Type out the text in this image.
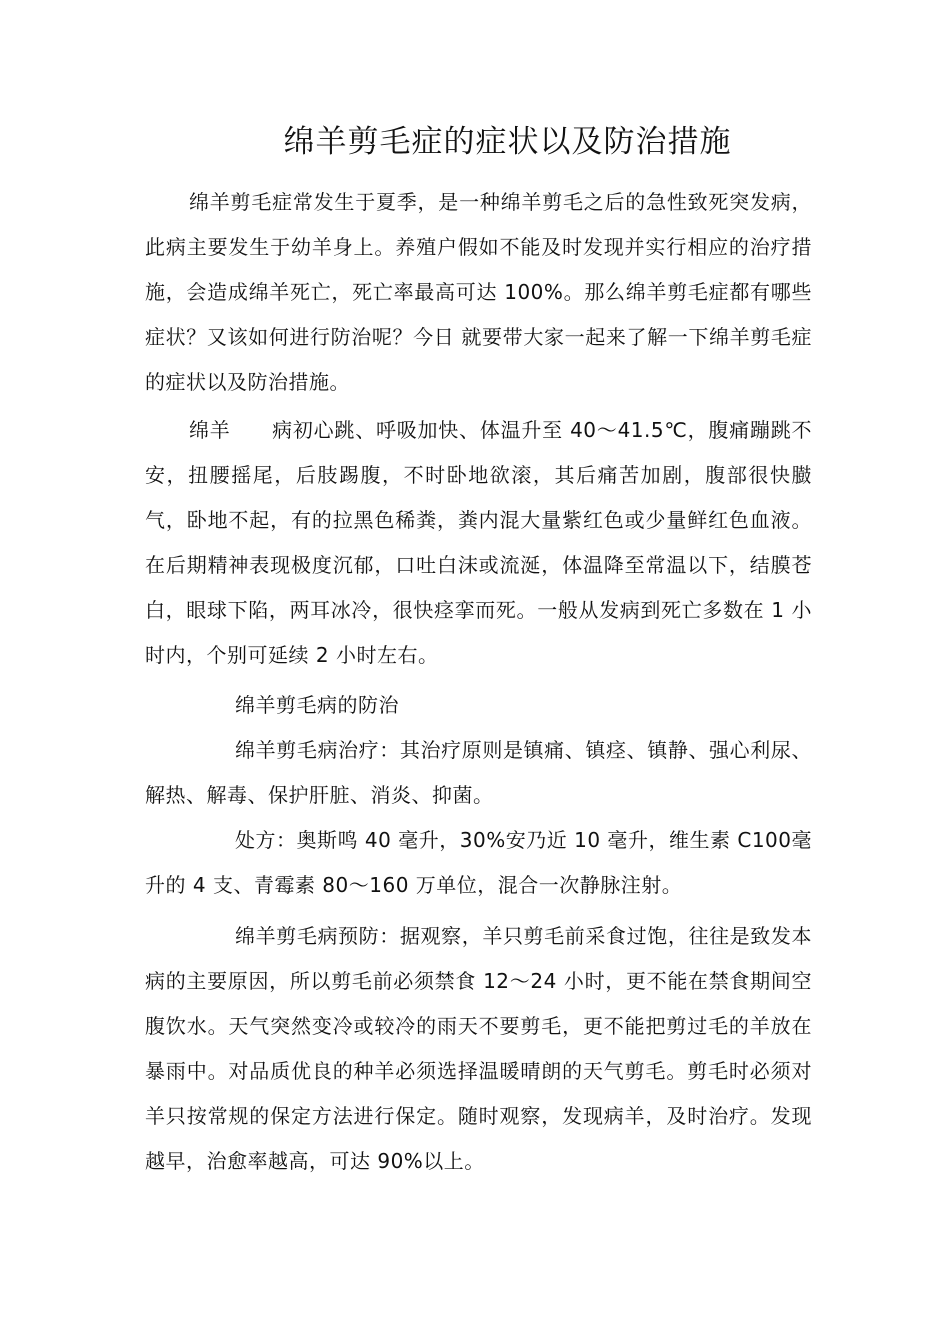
绵羊剪毛症的症状以及防治措施

绵羊剪毛症常发生于夏季，是一种绵羊剪毛之后的急性致死突发病，此病主要发生于幼羊身上。养殖户假如不能及时发现并实行相应的治疗措施，会造成绵羊死亡，死亡率最高可达 100%。那么绵羊剪毛症都有哪些症状？又该如何进行防治呢？今日 就要带大家一起来了解一下绵羊剪毛症的症状以及防治措施。

绵羊　　病初心跳、呼吸加快、体温升至 40～41.5℃，腹痛蹦跳不安，扭腰摇尾，后肢踢腹，不时卧地欲滚，其后痛苦加剧，腹部很快臌气，卧地不起，有的拉黑色稀粪，粪内混大量紫红色或少量鲜红色血液。在后期精神表现极度沉郁，口吐白沫或流涎，体温降至常温以下，结膜苍白，眼球下陷，两耳冰冷，很快痉挛而死。一般从发病到死亡多数在 1 小时内，个别可延续 2 小时左右。

绵羊剪毛病的防治

绵羊剪毛病治疗：其治疗原则是镇痛、镇痉、镇静、强心利尿、解热、解毒、保护肝脏、消炎、抑菌。

处方：奥斯鸣 40 毫升，30%安乃近 10 毫升，维生素 C100毫升的 4 支、青霉素 80～160 万单位，混合一次静脉注射。

绵羊剪毛病预防：据观察，羊只剪毛前采食过饱，往往是致发本病的主要原因，所以剪毛前必须禁食 12～24 小时，更不能在禁食期间空腹饮水。天气突然变冷或较冷的雨天不要剪毛，更不能把剪过毛的羊放在暴雨中。对品质优良的种羊必须选择温暖晴朗的天气剪毛。剪毛时必须对羊只按常规的保定方法进行保定。随时观察，发现病羊，及时治疗。发现越早，治愈率越高，可达 90%以上。
